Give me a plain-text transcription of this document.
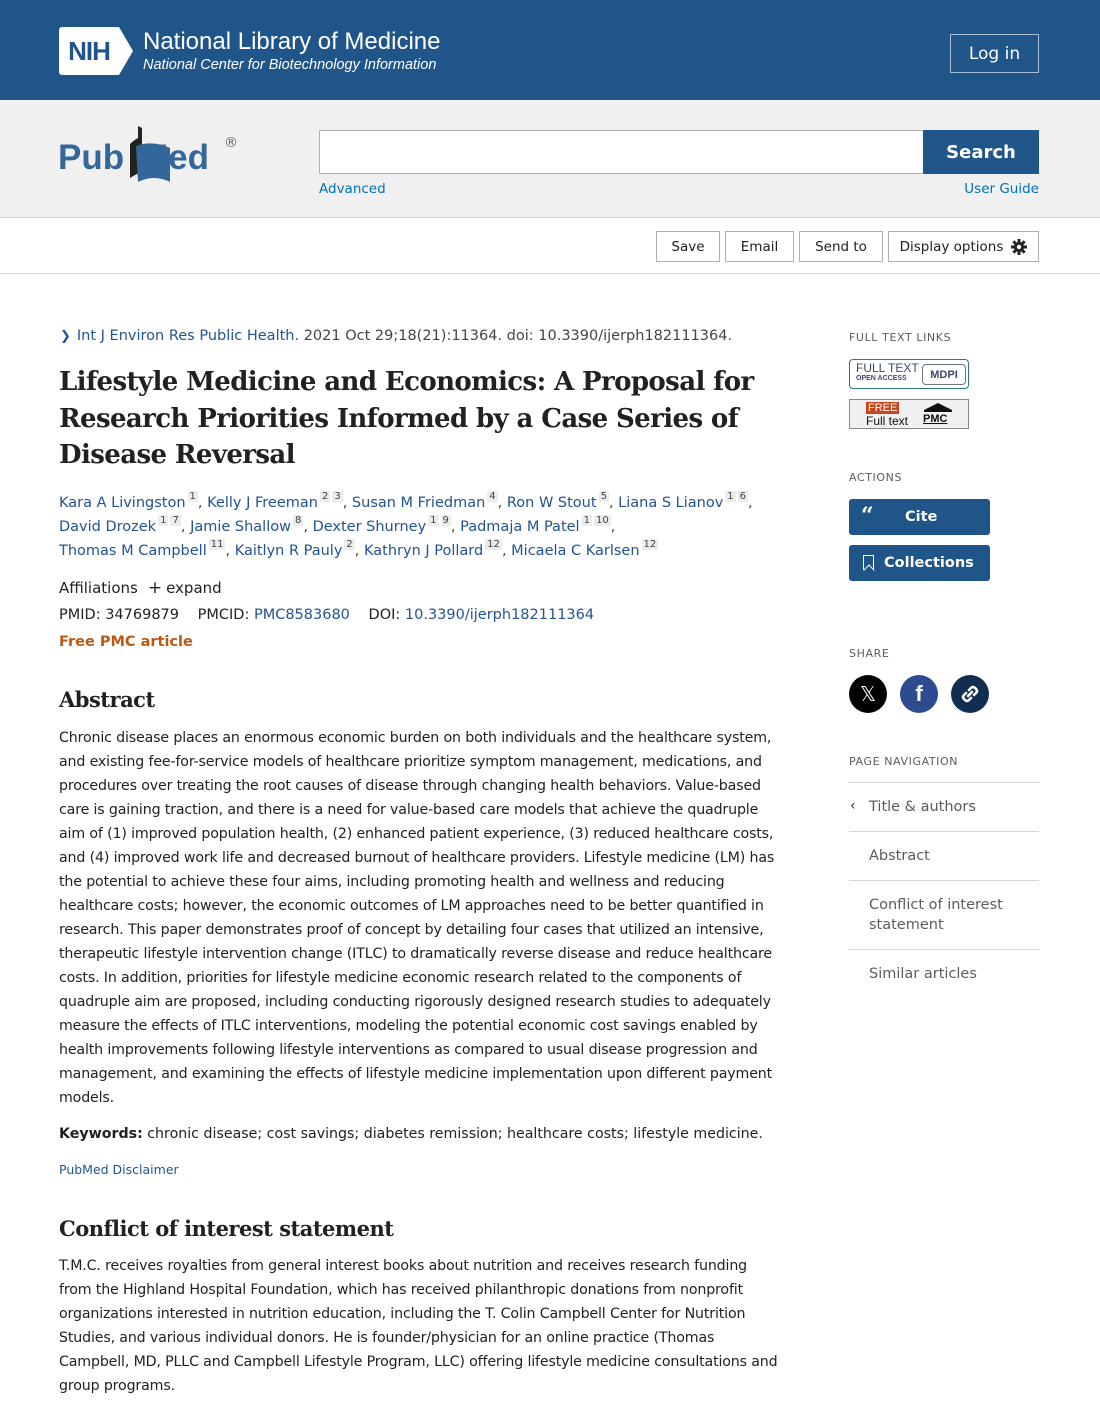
NIH	National Library of Medicine
National Center for Biotechnology Information
Log in
Pub Med ®	Search
Advanced	User Guide
Save	Email	Send to	Display options
❯ Int J Environ Res Public Health. 2021 Oct 29;18(21):11364. doi: 10.3390/ijerph182111364.
Lifestyle Medicine and Economics: A Proposal for Research Priorities Informed by a Case Series of Disease Reversal
Kara A Livingston $^1$ , Kelly J Freeman $^2$ $^3$ , Susan M Friedman $^4$ , Ron W Stout $^5$ , Liana S Lianov $^1$ $^6$ ,
David Drozek $^1$ $^7$ , Jamie Shallow $^8$ , Dexter Shurney $^1$ $^9$ , Padmaja M Patel $^1$ $^{10}$ ,
Thomas M Campbell $^{11}$ , Kaitlyn R Pauly $^2$ , Kathryn J Pollard $^{12}$ , Micaela C Karlsen $^{12}$
Affiliations + expand
PMID: 34769879 PMCID: PMC8583680 DOI: 10.3390/ijerph182111364
Free PMC article
Abstract

Chronic disease places an enormous economic burden on both individuals and the healthcare system, and existing fee-for-service models of healthcare prioritize symptom management, medications, and procedures over treating the root causes of disease through changing health behaviors. Value-based care is gaining traction, and there is a need for value-based care models that achieve the quadruple aim of (1) improved population health, (2) enhanced patient experience, (3) reduced healthcare costs, and (4) improved work life and decreased burnout of healthcare providers. Lifestyle medicine (LM) has the potential to achieve these four aims, including promoting health and wellness and reducing healthcare costs; however, the economic outcomes of LM approaches need to be better quantified in research. This paper demonstrates proof of concept by detailing four cases that utilized an intensive, therapeutic lifestyle intervention change (ITLC) to dramatically reverse disease and reduce healthcare costs. In addition, priorities for lifestyle medicine economic research related to the components of quadruple aim are proposed, including conducting rigorously designed research studies to adequately measure the effects of ITLC interventions, modeling the potential economic cost savings enabled by health improvements following lifestyle interventions as compared to usual disease progression and management, and examining the effects of lifestyle medicine implementation upon different payment models.

Keywords: chronic disease; cost savings; diabetes remission; healthcare costs; lifestyle medicine.

PubMed Disclaimer
Conflict of interest statement

T.M.C. receives royalties from general interest books about nutrition and receives research funding from the Highland Hospital Foundation, which has received philanthropic donations from nonprofit organizations interested in nutrition education, including the T. Colin Campbell Center for Nutrition Studies, and various individual donors. He is founder/physician for an online practice (Thomas Campbell, MD, PLLC and Campbell Lifestyle Program, LLC) offering lifestyle medicine consultations and group programs.

FULL TEXT LINKS
FULL TEXT
OPEN ACCESS	MDPI
FREE
Full text PMC
ACTIONS
“ Cite
Collections
SHARE
𝕏 f
PAGE NAVIGATION
‹ Title & authors
Abstract
Conflict of interest statement
Similar articles
